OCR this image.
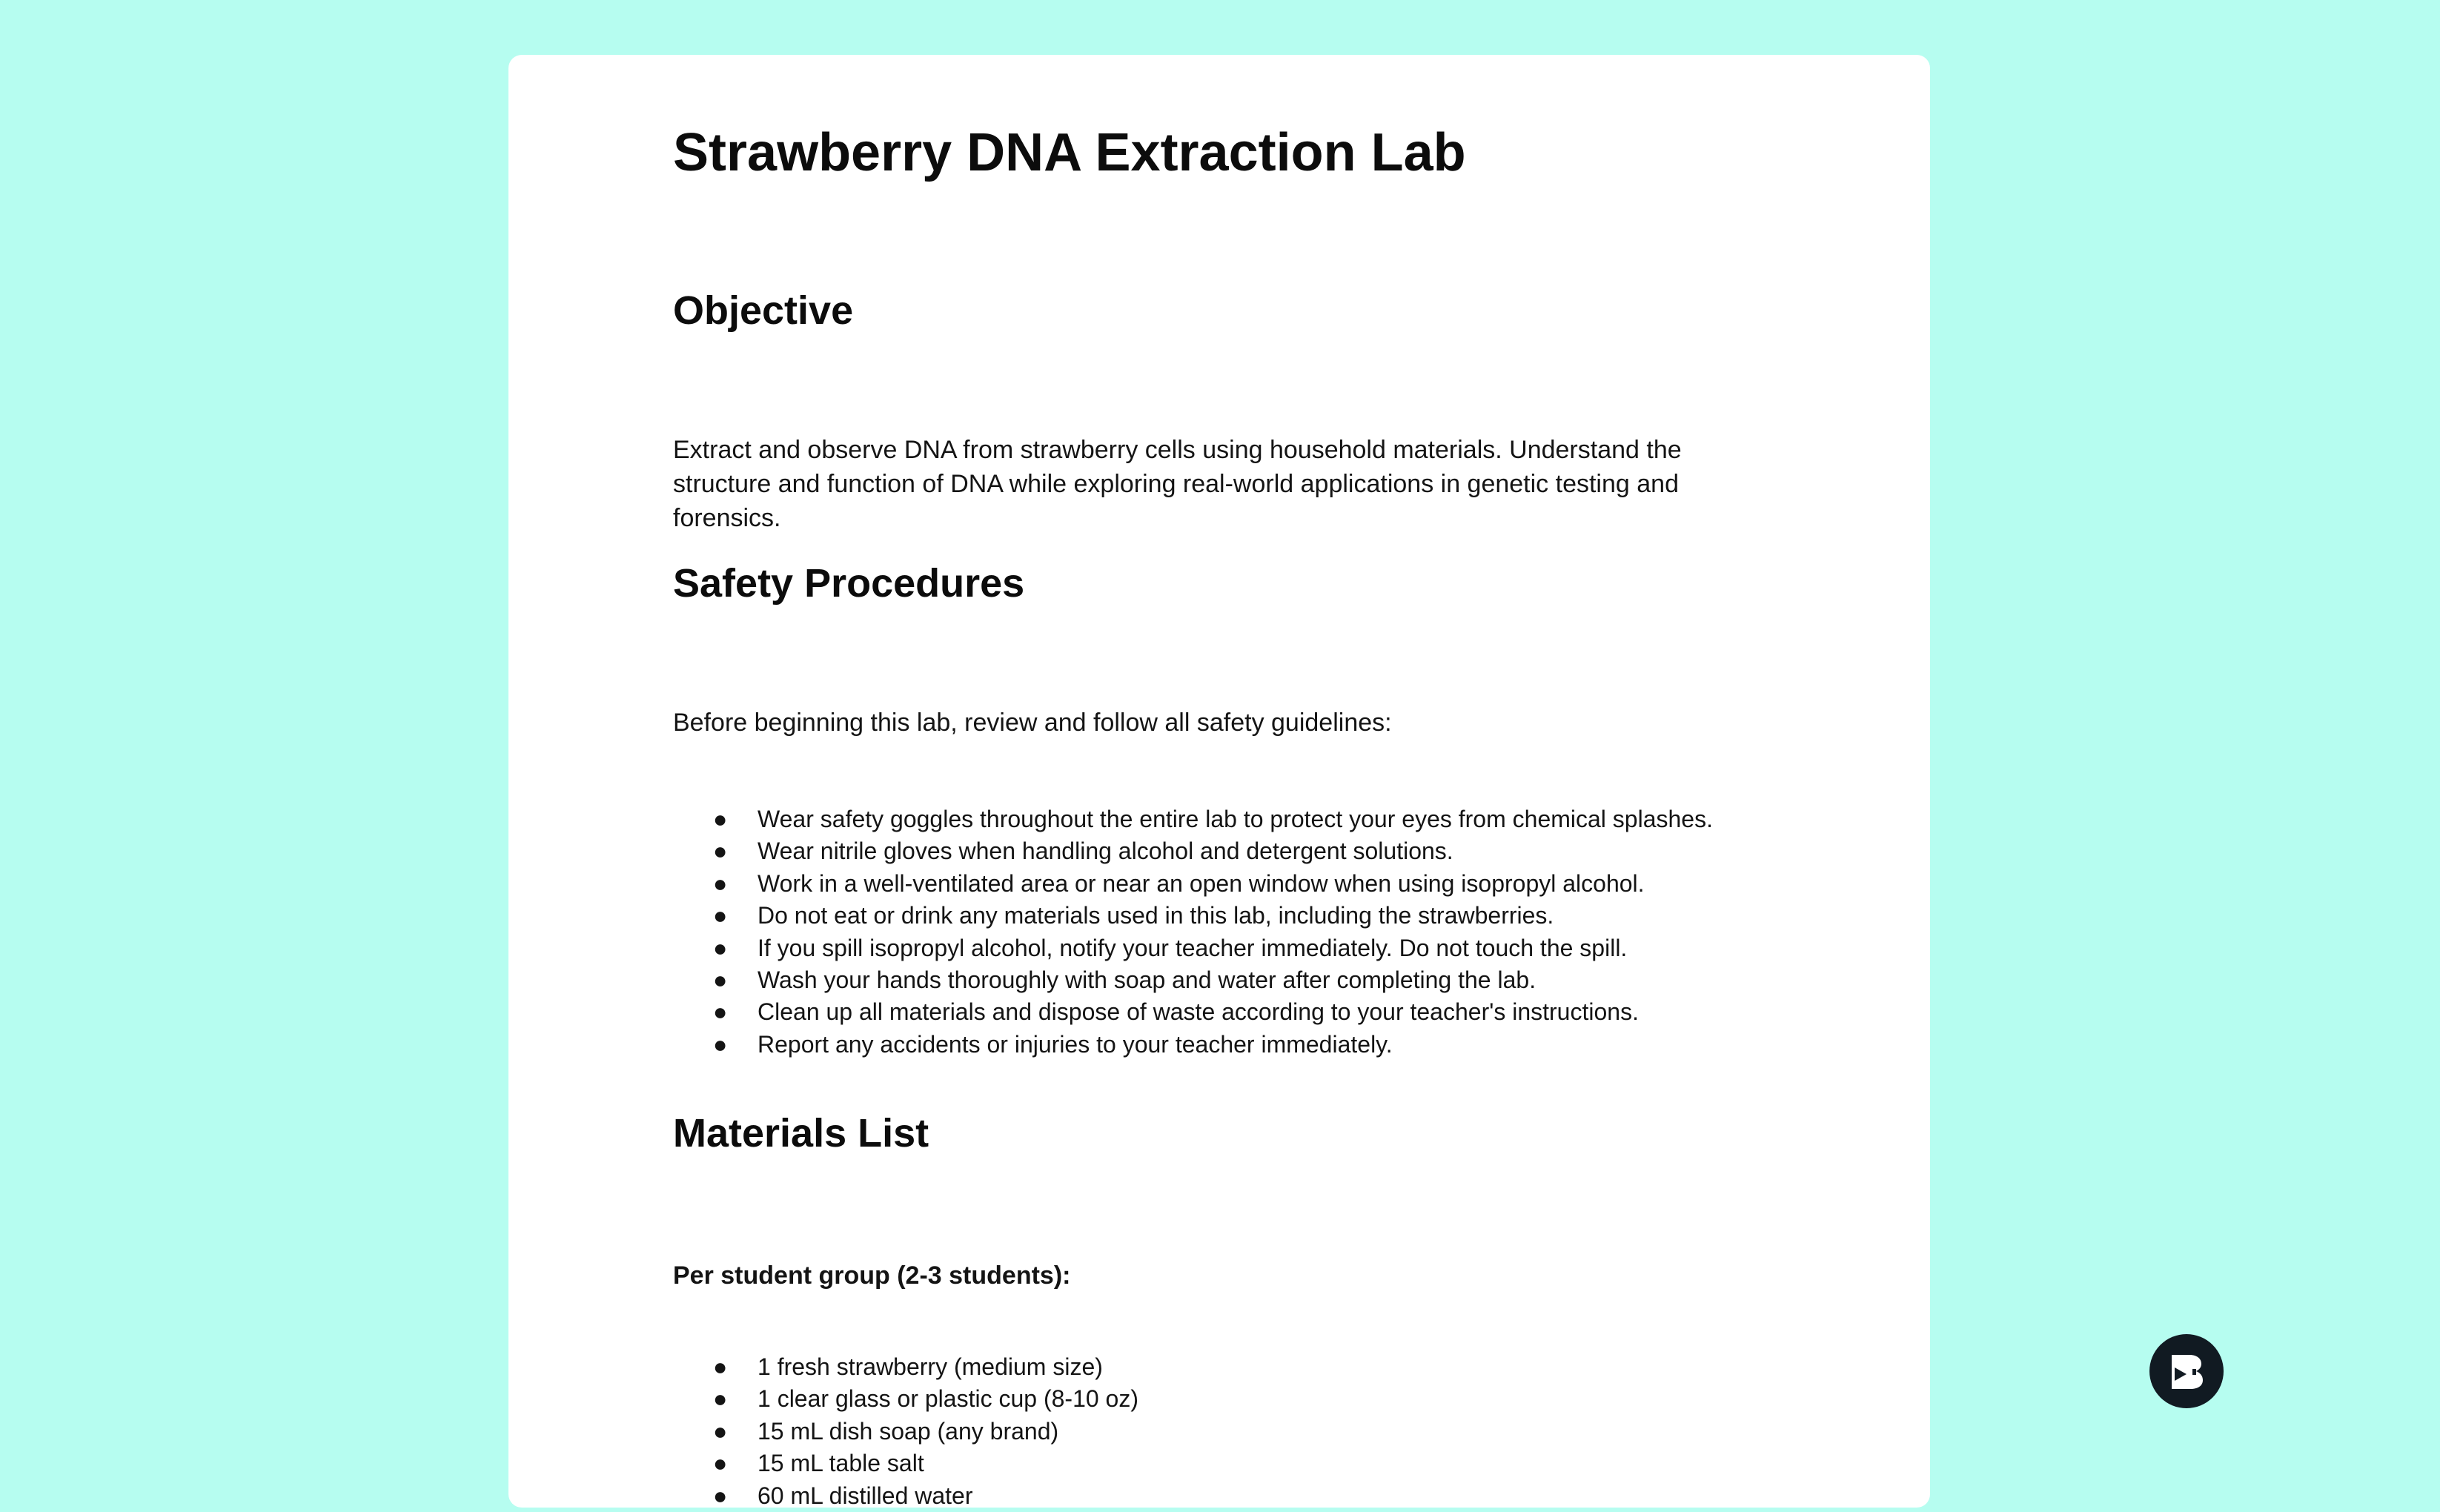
Strawberry DNA Extraction Lab
Objective

Extract and observe DNA from strawberry cells using household materials. Understand the structure and function of DNA while exploring real-world applications in genetic testing and forensics.

Safety Procedures

Before beginning this lab, review and follow all safety guidelines:

● Wear safety goggles throughout the entire lab to protect your eyes from chemical splashes.
● Wear nitrile gloves when handling alcohol and detergent solutions.
● Work in a well-ventilated area or near an open window when using isopropyl alcohol.
● Do not eat or drink any materials used in this lab, including the strawberries.
● If you spill isopropyl alcohol, notify your teacher immediately. Do not touch the spill.
● Wash your hands thoroughly with soap and water after completing the lab.
● Clean up all materials and dispose of waste according to your teacher's instructions.
● Report any accidents or injuries to your teacher immediately.
Materials List

Per student group (2-3 students):

● 1 fresh strawberry (medium size)
● 1 clear glass or plastic cup (8-10 oz)
● 15 mL dish soap (any brand)
● 15 mL table salt
● 60 mL distilled water
